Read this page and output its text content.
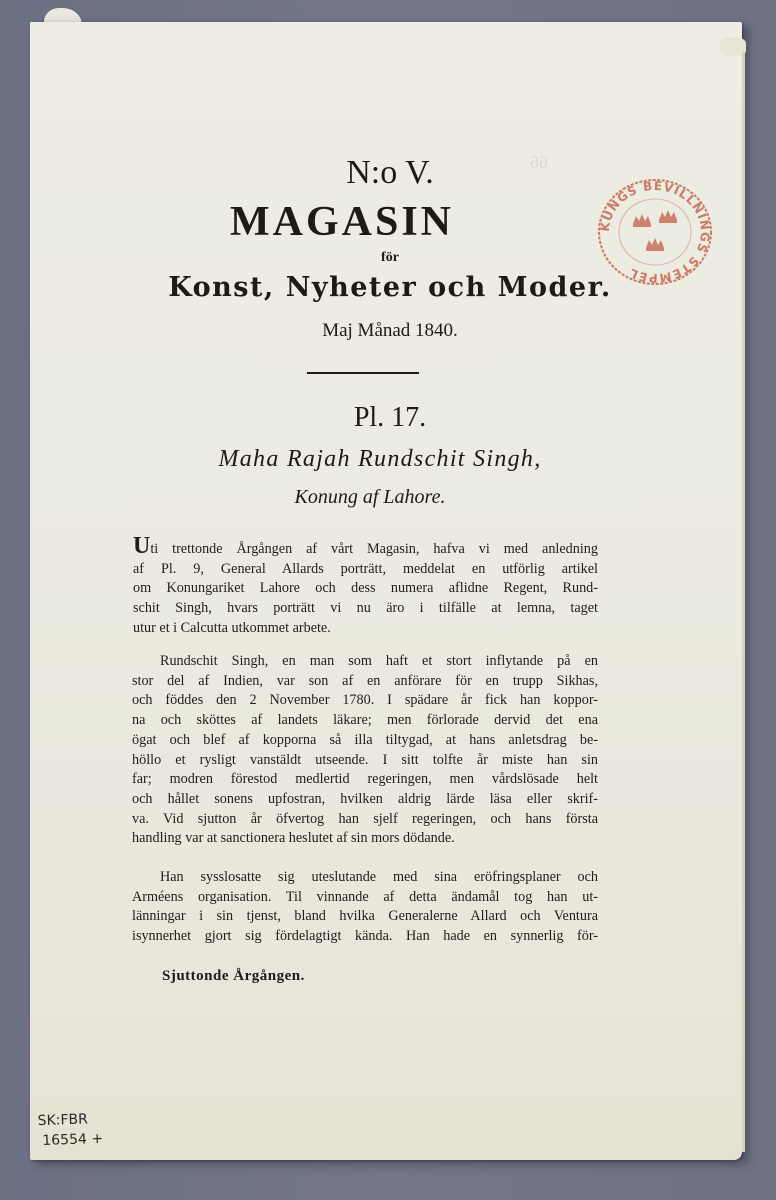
66
N:o V.
MAGASIN
för
Konst, Nyheter och Moder.
Maj Månad 1840.
Pl. 17.
Maha Rajah Rundschit Singh,
Konung af Lahore.
Uti trettonde Årgången af vårt Magasin, hafva vi med anledning
af Pl. 9, General Allards porträtt, meddelat en utförlig artikel
om Konungariket Lahore och dess numera aflidne Regent, Rund-
schit Singh, hvars porträtt vi nu äro i tilfälle at lemna, taget
utur et i Calcutta utkommet arbete.
Rundschit Singh, en man som haft et stort inflytande på en
stor del af Indien, var son af en anförare för en trupp Sikhas,
och föddes den 2 November 1780. I spädare år fick han koppor-
na och sköttes af landets läkare; men förlorade dervid det ena
ögat och blef af kopporna så illa tiltygad, at hans anletsdrag be-
höllo et rysligt vanstäldt utseende. I sitt tolfte år miste han sin
far; modren förestod medlertid regeringen, men vårdslösade helt
och hållet sonens upfostran, hvilken aldrig lärde läsa eller skrif-
va. Vid sjutton år öfvertog han sjelf regeringen, och hans första
handling var at sanctionera heslutet af sin mors dödande.
Han sysslosatte sig uteslutande med sina eröfringsplaner och
Arméens organisation. Til vinnande af detta ändamål tog han ut-
länningar i sin tjenst, bland hvilka Generalerne Allard och Ventura
isynnerhet gjort sig fördelagtigt kända. Han hade en synnerlig för-
Sjuttonde Årgången.
KUNGS BEVILLNINGS STEMPEL
SK:FBR
16554 +
